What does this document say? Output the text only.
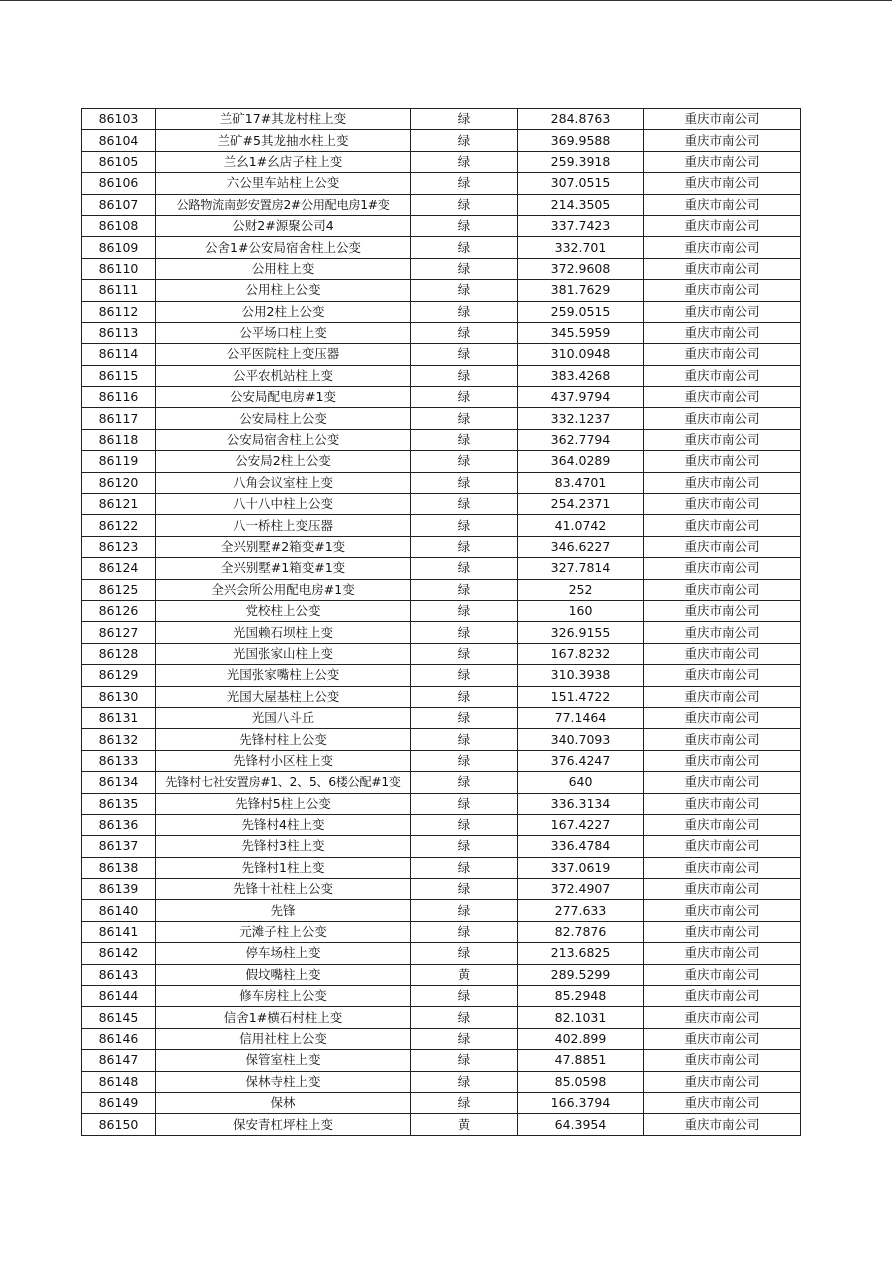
86103	兰矿17#其龙村柱上变	绿	284.8763	重庆市南公司
86104	兰矿#5其龙抽水柱上变	绿	369.9588	重庆市南公司
86105	兰幺1#幺店子柱上变	绿	259.3918	重庆市南公司
86106	六公里车站柱上公变	绿	307.0515	重庆市南公司
86107	公路物流南彭安置房2#公用配电房1#变	绿	214.3505	重庆市南公司
86108	公财2#源聚公司4	绿	337.7423	重庆市南公司
86109	公舍1#公安局宿舍柱上公变	绿	332.701	重庆市南公司
86110	公用柱上变	绿	372.9608	重庆市南公司
86111	公用柱上公变	绿	381.7629	重庆市南公司
86112	公用2柱上公变	绿	259.0515	重庆市南公司
86113	公平场口柱上变	绿	345.5959	重庆市南公司
86114	公平医院柱上变压器	绿	310.0948	重庆市南公司
86115	公平农机站柱上变	绿	383.4268	重庆市南公司
86116	公安局配电房#1变	绿	437.9794	重庆市南公司
86117	公安局柱上公变	绿	332.1237	重庆市南公司
86118	公安局宿舍柱上公变	绿	362.7794	重庆市南公司
86119	公安局2柱上公变	绿	364.0289	重庆市南公司
86120	八角会议室柱上变	绿	83.4701	重庆市南公司
86121	八十八中柱上公变	绿	254.2371	重庆市南公司
86122	八一桥柱上变压器	绿	41.0742	重庆市南公司
86123	全兴别墅#2箱变#1变	绿	346.6227	重庆市南公司
86124	全兴别墅#1箱变#1变	绿	327.7814	重庆市南公司
86125	全兴会所公用配电房#1变	绿	252	重庆市南公司
86126	党校柱上公变	绿	160	重庆市南公司
86127	光国赖石坝柱上变	绿	326.9155	重庆市南公司
86128	光国张家山柱上变	绿	167.8232	重庆市南公司
86129	光国张家嘴柱上公变	绿	310.3938	重庆市南公司
86130	光国大屋基柱上公变	绿	151.4722	重庆市南公司
86131	光国八斗丘	绿	77.1464	重庆市南公司
86132	先锋村柱上公变	绿	340.7093	重庆市南公司
86133	先锋村小区柱上变	绿	376.4247	重庆市南公司
86134	先锋村七社安置房#1、2、5、6楼公配#1变	绿	640	重庆市南公司
86135	先锋村5柱上公变	绿	336.3134	重庆市南公司
86136	先锋村4柱上变	绿	167.4227	重庆市南公司
86137	先锋村3柱上变	绿	336.4784	重庆市南公司
86138	先锋村1柱上变	绿	337.0619	重庆市南公司
86139	先锋十社柱上公变	绿	372.4907	重庆市南公司
86140	先锋	绿	277.633	重庆市南公司
86141	元滩子柱上公变	绿	82.7876	重庆市南公司
86142	停车场柱上变	绿	213.6825	重庆市南公司
86143	假坟嘴柱上变	黄	289.5299	重庆市南公司
86144	修车房柱上公变	绿	85.2948	重庆市南公司
86145	信舍1#横石村柱上变	绿	82.1031	重庆市南公司
86146	信用社柱上公变	绿	402.899	重庆市南公司
86147	保管室柱上变	绿	47.8851	重庆市南公司
86148	保林寺柱上变	绿	85.0598	重庆市南公司
86149	保林	绿	166.3794	重庆市南公司
86150	保安青杠坪柱上变	黄	64.3954	重庆市南公司
